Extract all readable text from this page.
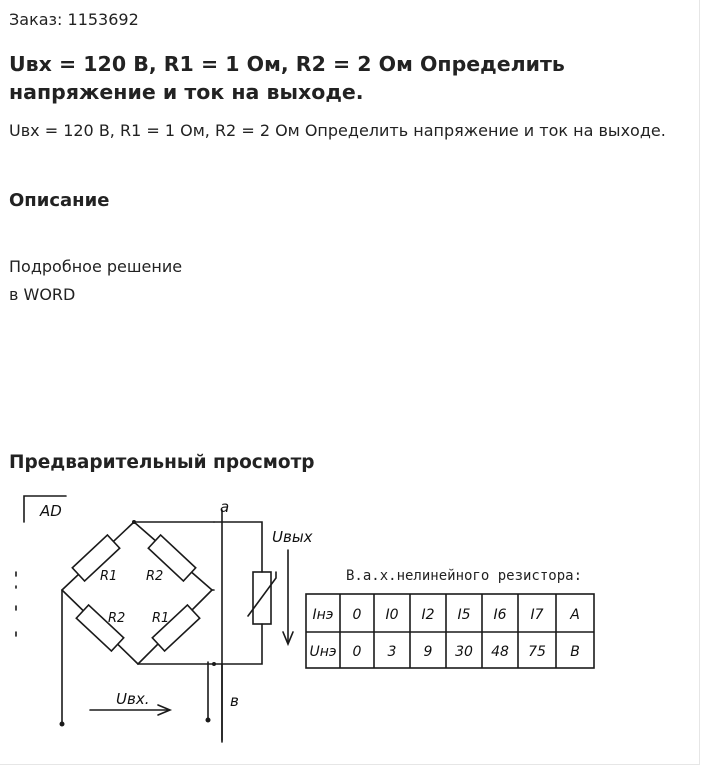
Заказ: 1153692
Uвх = 120 В, R1 = 1 Ом, R2 = 2 Ом Определить напряжение и ток на выходе.

Uвх = 120 В, R1 = 1 Ом, R2 = 2 Ом Определить напряжение и ток на выходе.

Описание
Подробное решение
в WORD
Предварительный просмотр
AD	a
в
R1 R2
R2 R1
Uвых
Uвх.
В.а.х.нелинейного резистора:
Iнэ 0 I0 I2 I5 I6 I7 А
Uнэ 0 3 9 30 48 75 В
